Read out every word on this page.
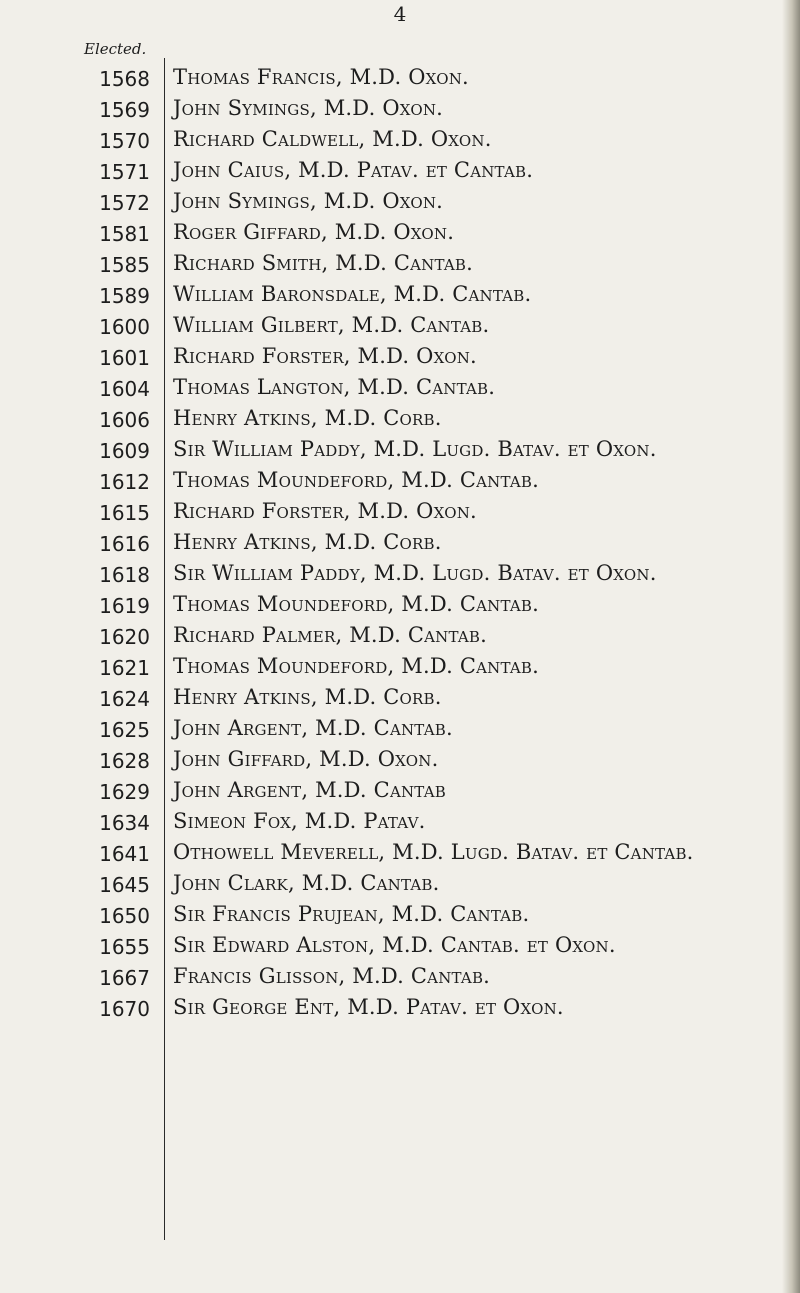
4
Elected.
1568 Thomas Francis, M.D. Oxon.
1569 John Symings, M.D. Oxon.
1570 Richard Caldwell, M.D. Oxon.
1571 John Caius, M.D. Patav. et Cantab.
1572 John Symings, M.D. Oxon.
1581 Roger Giffard, M.D. Oxon.
1585 Richard Smith, M.D. Cantab.
1589 William Baronsdale, M.D. Cantab.
1600 William Gilbert, M.D. Cantab.
1601 Richard Forster, M.D. Oxon.
1604 Thomas Langton, M.D. Cantab.
1606 Henry Atkins, M.D. Corb.
1609 Sir William Paddy, M.D. Lugd. Batav. et Oxon.
1612 Thomas Moundeford, M.D. Cantab.
1615 Richard Forster, M.D. Oxon.
1616 Henry Atkins, M.D. Corb.
1618 Sir William Paddy, M.D. Lugd. Batav. et Oxon.
1619 Thomas Moundeford, M.D. Cantab.
1620 Richard Palmer, M.D. Cantab.
1621 Thomas Moundeford, M.D. Cantab.
1624 Henry Atkins, M.D. Corb.
1625 John Argent, M.D. Cantab.
1628 John Giffard, M.D. Oxon.
1629 John Argent, M.D. Cantab
1634 Simeon Fox, M.D. Patav.
1641 Othowell Meverell, M.D. Lugd. Batav. et Cantab.
1645 John Clark, M.D. Cantab.
1650 Sir Francis Prujean, M.D. Cantab.
1655 Sir Edward Alston, M.D. Cantab. et Oxon.
1667 Francis Glisson, M.D. Cantab.
1670 Sir George Ent, M.D. Patav. et Oxon.
